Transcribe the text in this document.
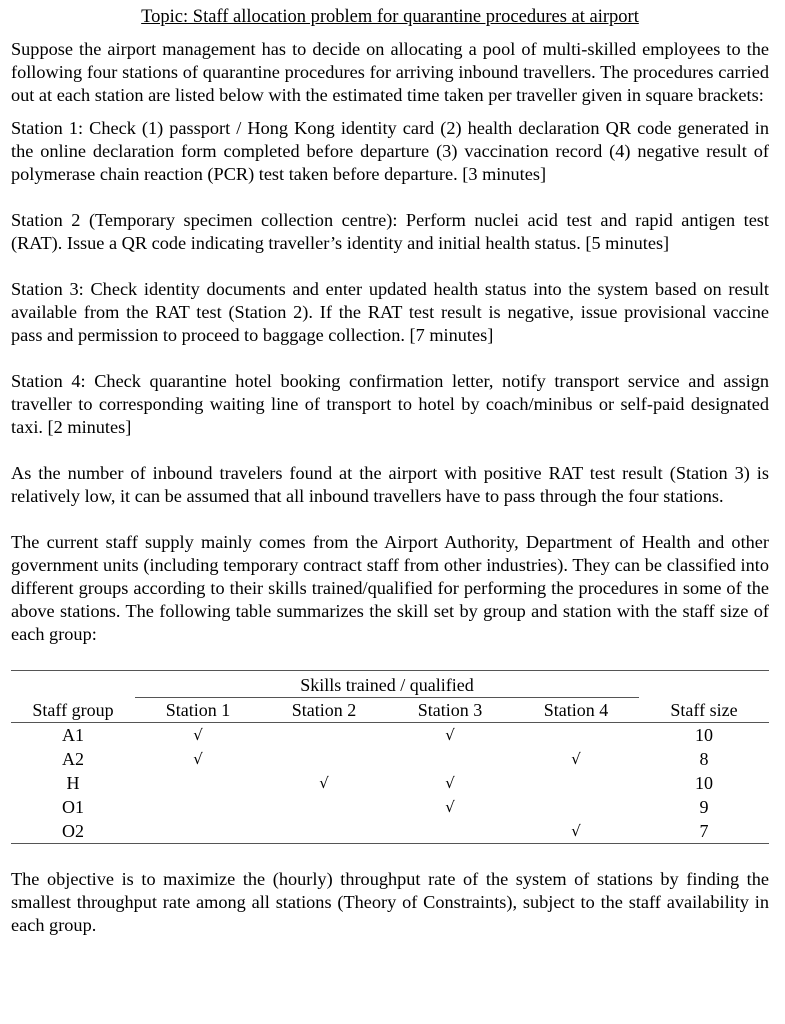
Topic: Staff allocation problem for quarantine procedures at airport

Suppose the airport management has to decide on allocating a pool of multi-skilled employees to the following four stations of quarantine procedures for arriving inbound travellers. The procedures carried out at each station are listed below with the estimated time taken per traveller given in square brackets:

Station 1: Check (1) passport / Hong Kong identity card (2) health declaration QR code generated in the online declaration form completed before departure (3) vaccination record (4) negative result of polymerase chain reaction (PCR) test taken before departure. [3 minutes]

Station 2 (Temporary specimen collection centre): Perform nuclei acid test and rapid antigen test (RAT). Issue a QR code indicating traveller’s identity and initial health status. [5 minutes]

Station 3: Check identity documents and enter updated health status into the system based on result available from the RAT test (Station 2). If the RAT test result is negative, issue provisional vaccine pass and permission to proceed to baggage collection. [7 minutes]

Station 4: Check quarantine hotel booking confirmation letter, notify transport service and assign traveller to corresponding waiting line of transport to hotel by coach/minibus or self-paid designated taxi. [2 minutes]

As the number of inbound travelers found at the airport with positive RAT test result (Station 3) is relatively low, it can be assumed that all inbound travellers have to pass through the four stations.

The current staff supply mainly comes from the Airport Authority, Department of Health and other government units (including temporary contract staff from other industries). They can be classified into different groups according to their skills trained/qualified for performing the procedures in some of the above stations. The following table summarizes the skill set by group and station with the staff size of each group:

	Skills trained / qualified				
Staff group	Station 1	Station 2	Station 3	Station 4	Staff size
A1	√		√		10
A2	√			√	8
H		√	√		10
O1			√		9
O2				√	7

The objective is to maximize the (hourly) throughput rate of the system of stations by finding the smallest throughput rate among all stations (Theory of Constraints), subject to the staff availability in each group.
